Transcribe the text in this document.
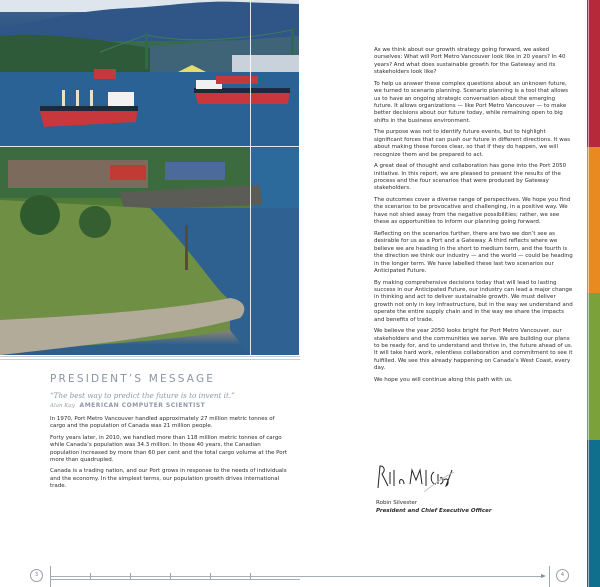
PRESIDENT’S MESSAGE

“The best way to predict the future is to invent it.”

Alan Kay AMERICAN COMPUTER SCIENTIST

In 1970, Port Metro Vancouver handled approximately 27 million metric tonnes of cargo and the population of Canada was 21 million people.

Forty years later, in 2010, we handled more than 118 million metric tonnes of cargo while Canada’s population was 34.3 million. In those 40 years, the Canadian population increased by more than 60 per cent and the total cargo volume at the Port more than quadrupled.

Canada is a trading nation, and our Port grows in response to the needs of individuals and the economy. In the simplest terms, our population growth drives international trade.

As we think about our growth strategy going forward, we asked ourselves: What will Port Metro Vancouver look like in 20 years? In 40 years? And what does sustainable growth for the Gateway and its stakeholders look like?

To help us answer these complex questions about an unknown future, we turned to scenario planning. Scenario planning is a tool that allows us to have an ongoing strategic conversation about the emerging future. It allows organizations — like Port Metro Vancouver — to make better decisions about our future today, while remaining open to big shifts in the business environment.

The purpose was not to identify future events, but to highlight significant forces that can push our future in different directions. It was about making these forces clear, so that if they do happen, we will recognize them and be prepared to act.

A great deal of thought and collaboration has gone into the Port 2050 initiative. In this report, we are pleased to present the results of the process and the four scenarios that were produced by Gateway stakeholders.

The outcomes cover a diverse range of perspectives. We hope you find the scenarios to be provocative and challenging, in a positive way. We have not shied away from the negative possibilities; rather, we see these as opportunities to inform our planning going forward.

Reflecting on the scenarios further, there are two we don’t see as desirable for us as a Port and a Gateway. A third reflects where we believe we are heading in the short to medium term, and the fourth is the direction we think our industry — and the world — could be heading in the longer term. We have labelled these last two scenarios our Anticipated Future.

By making comprehensive decisions today that will lead to lasting success in our Anticipated Future, our industry can lead a major change in thinking and act to deliver sustainable growth. We must deliver growth not only in key infrastructure, but in the way we understand and operate the entire supply chain and in the way we share the impacts and benefits of trade.

We believe the year 2050 looks bright for Port Metro Vancouver, our stakeholders and the communities we serve. We are building our plans to be ready for, and to understand and thrive in, the future ahead of us. It will take hard work, relentless collaboration and commitment to see it fulfilled. We see this already happening on Canada’s West Coast, every day.

We hope you will continue along this path with us.

Robin Silvester
President and Chief Executive Officer
3	4
